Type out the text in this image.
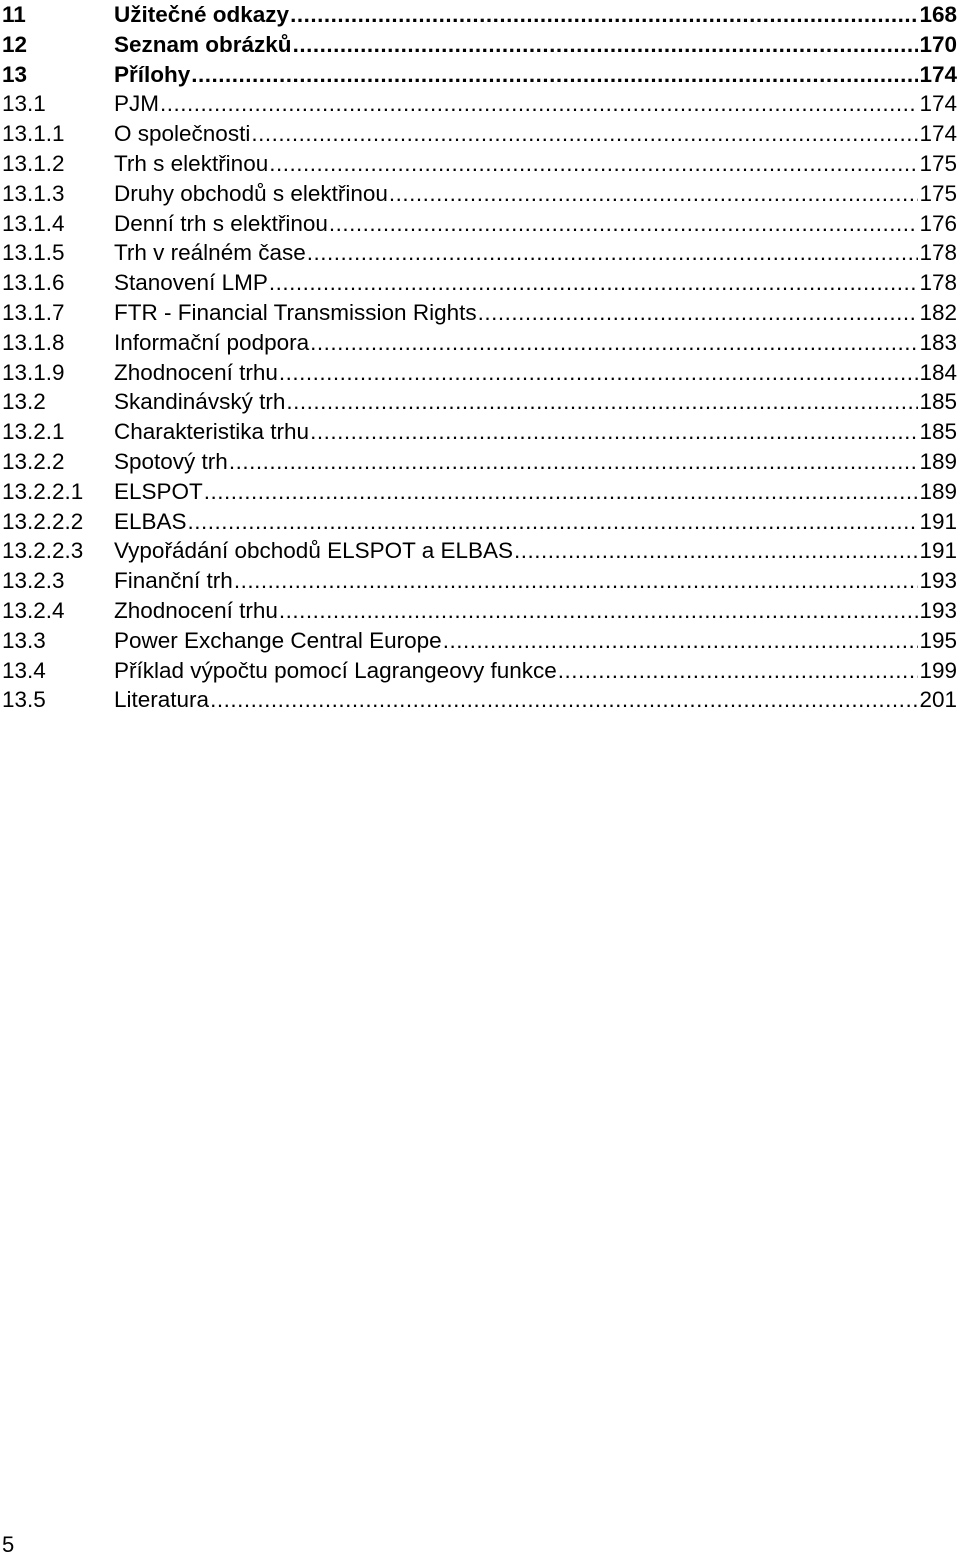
11	Užitečné odkazy .....	168
12	Seznam obrázků .....	170
13	Přílohy .....	174
13.1	PJM .....	174
13.1.1	O společnosti .....	174
13.1.2	Trh s elektřinou .....	175
13.1.3	Druhy obchodů s elektřinou .....	175
13.1.4	Denní trh s elektřinou .....	176
13.1.5	Trh v reálném čase .....	178
13.1.6	Stanovení LMP .....	178
13.1.7	FTR - Financial Transmission Rights .....	182
13.1.8	Informační podpora .....	183
13.1.9	Zhodnocení trhu .....	184
13.2	Skandinávský trh .....	185
13.2.1	Charakteristika trhu .....	185
13.2.2	Spotový trh .....	189
13.2.2.1	ELSPOT .....	189
13.2.2.2	ELBAS .....	191
13.2.2.3	Vypořádání obchodů ELSPOT a ELBAS .....	191
13.2.3	Finanční trh .....	193
13.2.4	Zhodnocení trhu .....	193
13.3	Power Exchange Central Europe .....	195
13.4	Příklad výpočtu pomocí Lagrangeovy funkce .....	199
13.5	Literatura .....	201
5
